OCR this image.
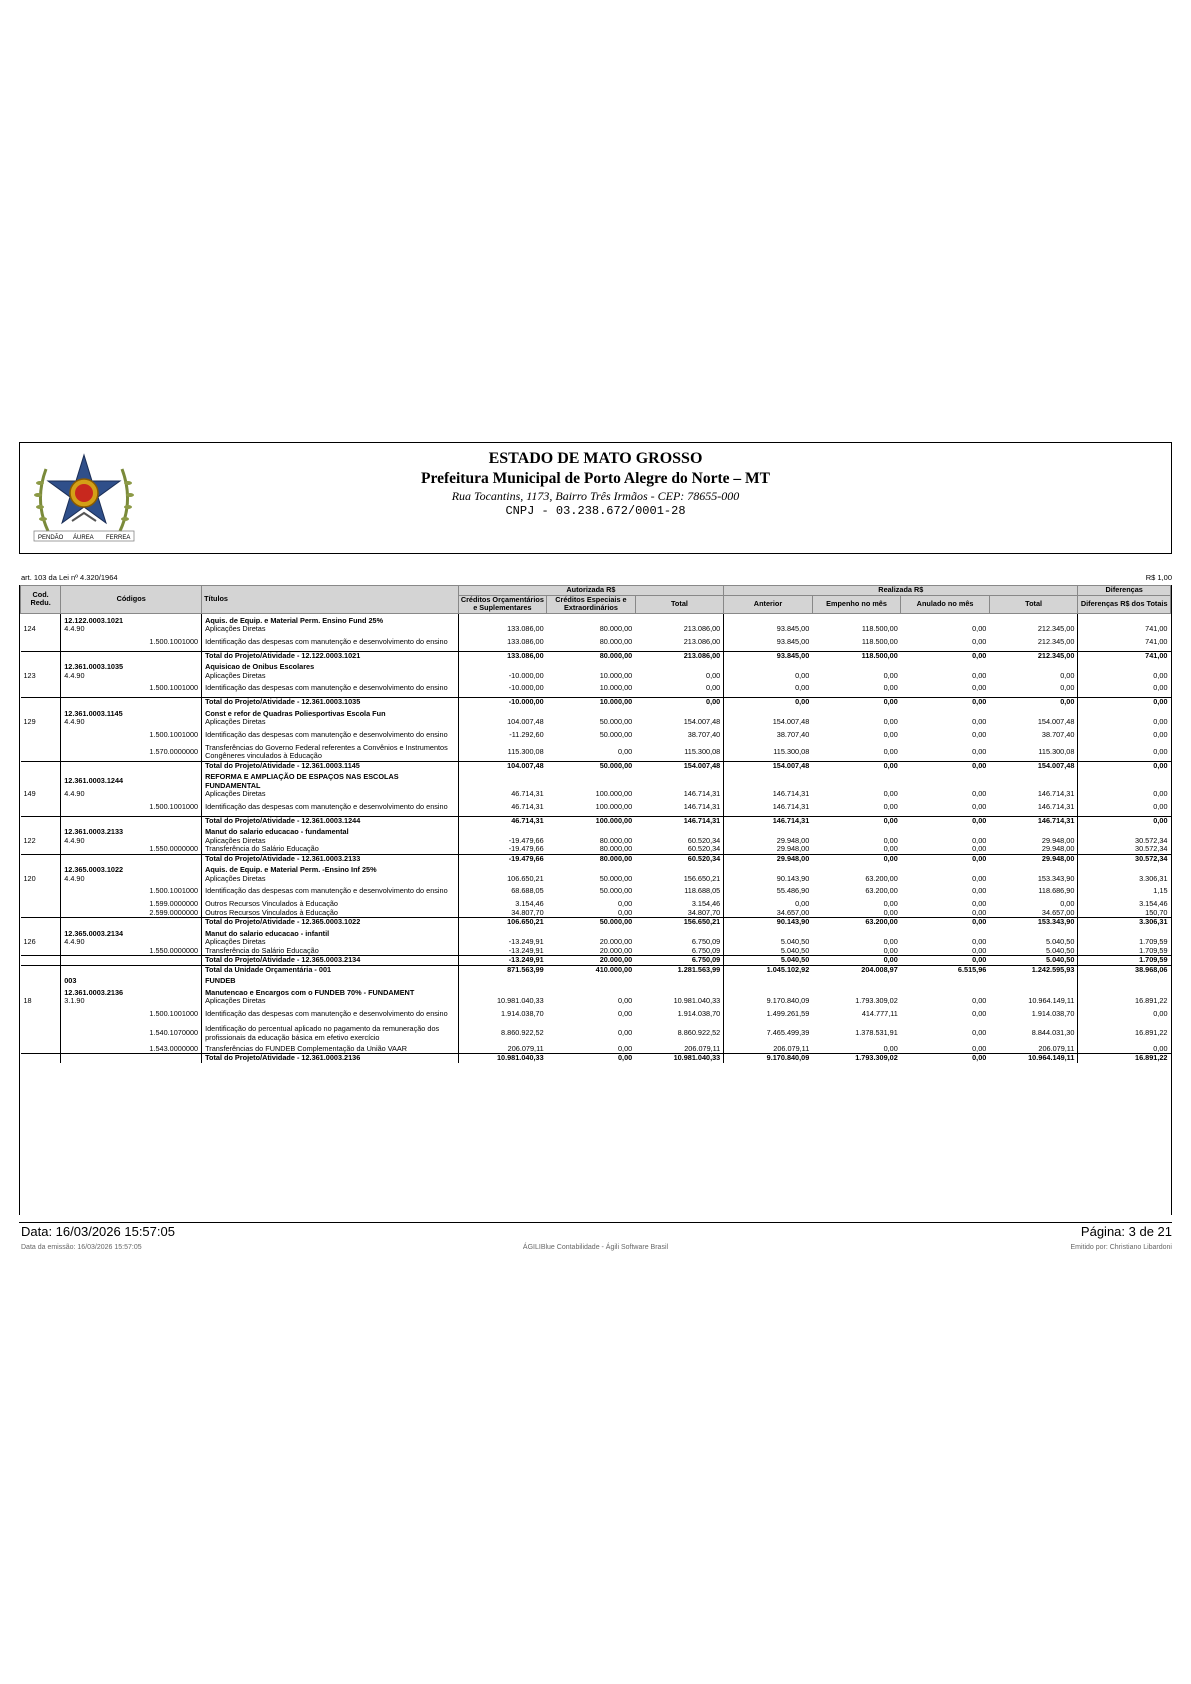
PENDÃO ÁUREA FERREA
ESTADO DE MATO GROSSO
Prefeitura Municipal de Porto Alegre do Norte – MT
Rua Tocantins, 1173, Bairro Três Irmãos - CEP: 78655-000
CNPJ - 03.238.672/0001-28
art. 103 da Lei nº 4.320/1964	R$ 1,00
Cod. Redu.	Códigos	Títulos	Autorizada R$			Realizada R$				Diferenças
			Créditos Orçamentários e Suplementares	Créditos Especiais e Extraordinários	Total	Anterior	Empenho no mês	Anulado no mês	Total	Diferenças R$ dos Totais
	12.122.0003.1021	Aquis. de Equip. e Material Perm. Ensino Fund 25%								
124	4.4.90	Aplicações Diretas	133.086,00	80.000,00	213.086,00	93.845,00	118.500,00	0,00	212.345,00	741,00
	1.500.1001000	Identificação das despesas com manutenção e desenvolvimento do ensino	133.086,00	80.000,00	213.086,00	93.845,00	118.500,00	0,00	212.345,00	741,00
		Total do Projeto/Atividade - 12.122.0003.1021	133.086,00	80.000,00	213.086,00	93.845,00	118.500,00	0,00	212.345,00	741,00
	12.361.0003.1035	Aquisicao de Onibus Escolares								
123	4.4.90	Aplicações Diretas	-10.000,00	10.000,00	0,00	0,00	0,00	0,00	0,00	0,00
	1.500.1001000	Identificação das despesas com manutenção e desenvolvimento do ensino	-10.000,00	10.000,00	0,00	0,00	0,00	0,00	0,00	0,00
		Total do Projeto/Atividade - 12.361.0003.1035	-10.000,00	10.000,00	0,00	0,00	0,00	0,00	0,00	0,00
	12.361.0003.1145	Const e refor de Quadras Poliesportivas Escola Fun								
129	4.4.90	Aplicações Diretas	104.007,48	50.000,00	154.007,48	154.007,48	0,00	0,00	154.007,48	0,00
	1.500.1001000	Identificação das despesas com manutenção e desenvolvimento do ensino	-11.292,60	50.000,00	38.707,40	38.707,40	0,00	0,00	38.707,40	0,00
	1.570.0000000	Transferências do Governo Federal referentes a Convênios e Instrumentos Congêneres vinculados à Educação	115.300,08	0,00	115.300,08	115.300,08	0,00	0,00	115.300,08	0,00
		Total do Projeto/Atividade - 12.361.0003.1145	104.007,48	50.000,00	154.007,48	154.007,48	0,00	0,00	154.007,48	0,00
	12.361.0003.1244	REFORMA E AMPLIAÇÃO DE ESPAÇOS NAS ESCOLAS FUNDAMENTAL								
149	4.4.90	Aplicações Diretas	46.714,31	100.000,00	146.714,31	146.714,31	0,00	0,00	146.714,31	0,00
	1.500.1001000	Identificação das despesas com manutenção e desenvolvimento do ensino	46.714,31	100.000,00	146.714,31	146.714,31	0,00	0,00	146.714,31	0,00
		Total do Projeto/Atividade - 12.361.0003.1244	46.714,31	100.000,00	146.714,31	146.714,31	0,00	0,00	146.714,31	0,00
	12.361.0003.2133	Manut do salario educacao - fundamental								
122	4.4.90	Aplicações Diretas	-19.479,66	80.000,00	60.520,34	29.948,00	0,00	0,00	29.948,00	30.572,34
	1.550.0000000	Transferência do Salário Educação	-19.479,66	80.000,00	60.520,34	29.948,00	0,00	0,00	29.948,00	30.572,34
		Total do Projeto/Atividade - 12.361.0003.2133	-19.479,66	80.000,00	60.520,34	29.948,00	0,00	0,00	29.948,00	30.572,34
	12.365.0003.1022	Aquis. de Equip. e Material Perm. -Ensino Inf 25%								
120	4.4.90	Aplicações Diretas	106.650,21	50.000,00	156.650,21	90.143,90	63.200,00	0,00	153.343,90	3.306,31
	1.500.1001000	Identificação das despesas com manutenção e desenvolvimento do ensino	68.688,05	50.000,00	118.688,05	55.486,90	63.200,00	0,00	118.686,90	1,15
	1.599.0000000	Outros Recursos Vinculados à Educação	3.154,46	0,00	3.154,46	0,00	0,00	0,00	0,00	3.154,46
	2.599.0000000	Outros Recursos Vinculados à Educação	34.807,70	0,00	34.807,70	34.657,00	0,00	0,00	34.657,00	150,70
		Total do Projeto/Atividade - 12.365.0003.1022	106.650,21	50.000,00	156.650,21	90.143,90	63.200,00	0,00	153.343,90	3.306,31
	12.365.0003.2134	Manut do salario educacao - infantil								
126	4.4.90	Aplicações Diretas	-13.249,91	20.000,00	6.750,09	5.040,50	0,00	0,00	5.040,50	1.709,59
	1.550.0000000	Transferência do Salário Educação	-13.249,91	20.000,00	6.750,09	5.040,50	0,00	0,00	5.040,50	1.709,59
		Total do Projeto/Atividade - 12.365.0003.2134	-13.249,91	20.000,00	6.750,09	5.040,50	0,00	0,00	5.040,50	1.709,59
		Total da Unidade Orçamentária - 001	871.563,99	410.000,00	1.281.563,99	1.045.102,92	204.008,97	6.515,96	1.242.595,93	38.968,06
	003	FUNDEB								
	12.361.0003.2136	Manutencao e Encargos com o FUNDEB 70% - FUNDAMENT								
18	3.1.90	Aplicações Diretas	10.981.040,33	0,00	10.981.040,33	9.170.840,09	1.793.309,02	0,00	10.964.149,11	16.891,22
	1.500.1001000	Identificação das despesas com manutenção e desenvolvimento do ensino	1.914.038,70	0,00	1.914.038,70	1.499.261,59	414.777,11	0,00	1.914.038,70	0,00
	1.540.1070000	Identificação do percentual aplicado no pagamento da remuneração dos profissionais da educação básica em efetivo exercício	8.860.922,52	0,00	8.860.922,52	7.465.499,39	1.378.531,91	0,00	8.844.031,30	16.891,22
	1.543.0000000	Transferências do FUNDEB Complementação da União VAAR	206.079,11	0,00	206.079,11	206.079,11	0,00	0,00	206.079,11	0,00
		Total do Projeto/Atividade - 12.361.0003.2136	10.981.040,33	0,00	10.981.040,33	9.170.840,09	1.793.309,02	0,00	10.964.149,11	16.891,22
Data: 16/03/2026 15:57:05	Página: 3 de 21
Data da emissão: 16/03/2026 15:57:05	ÁGILIBlue Contabilidade - Ágili Software Brasil	Emitido por: Christiano Libardoni
